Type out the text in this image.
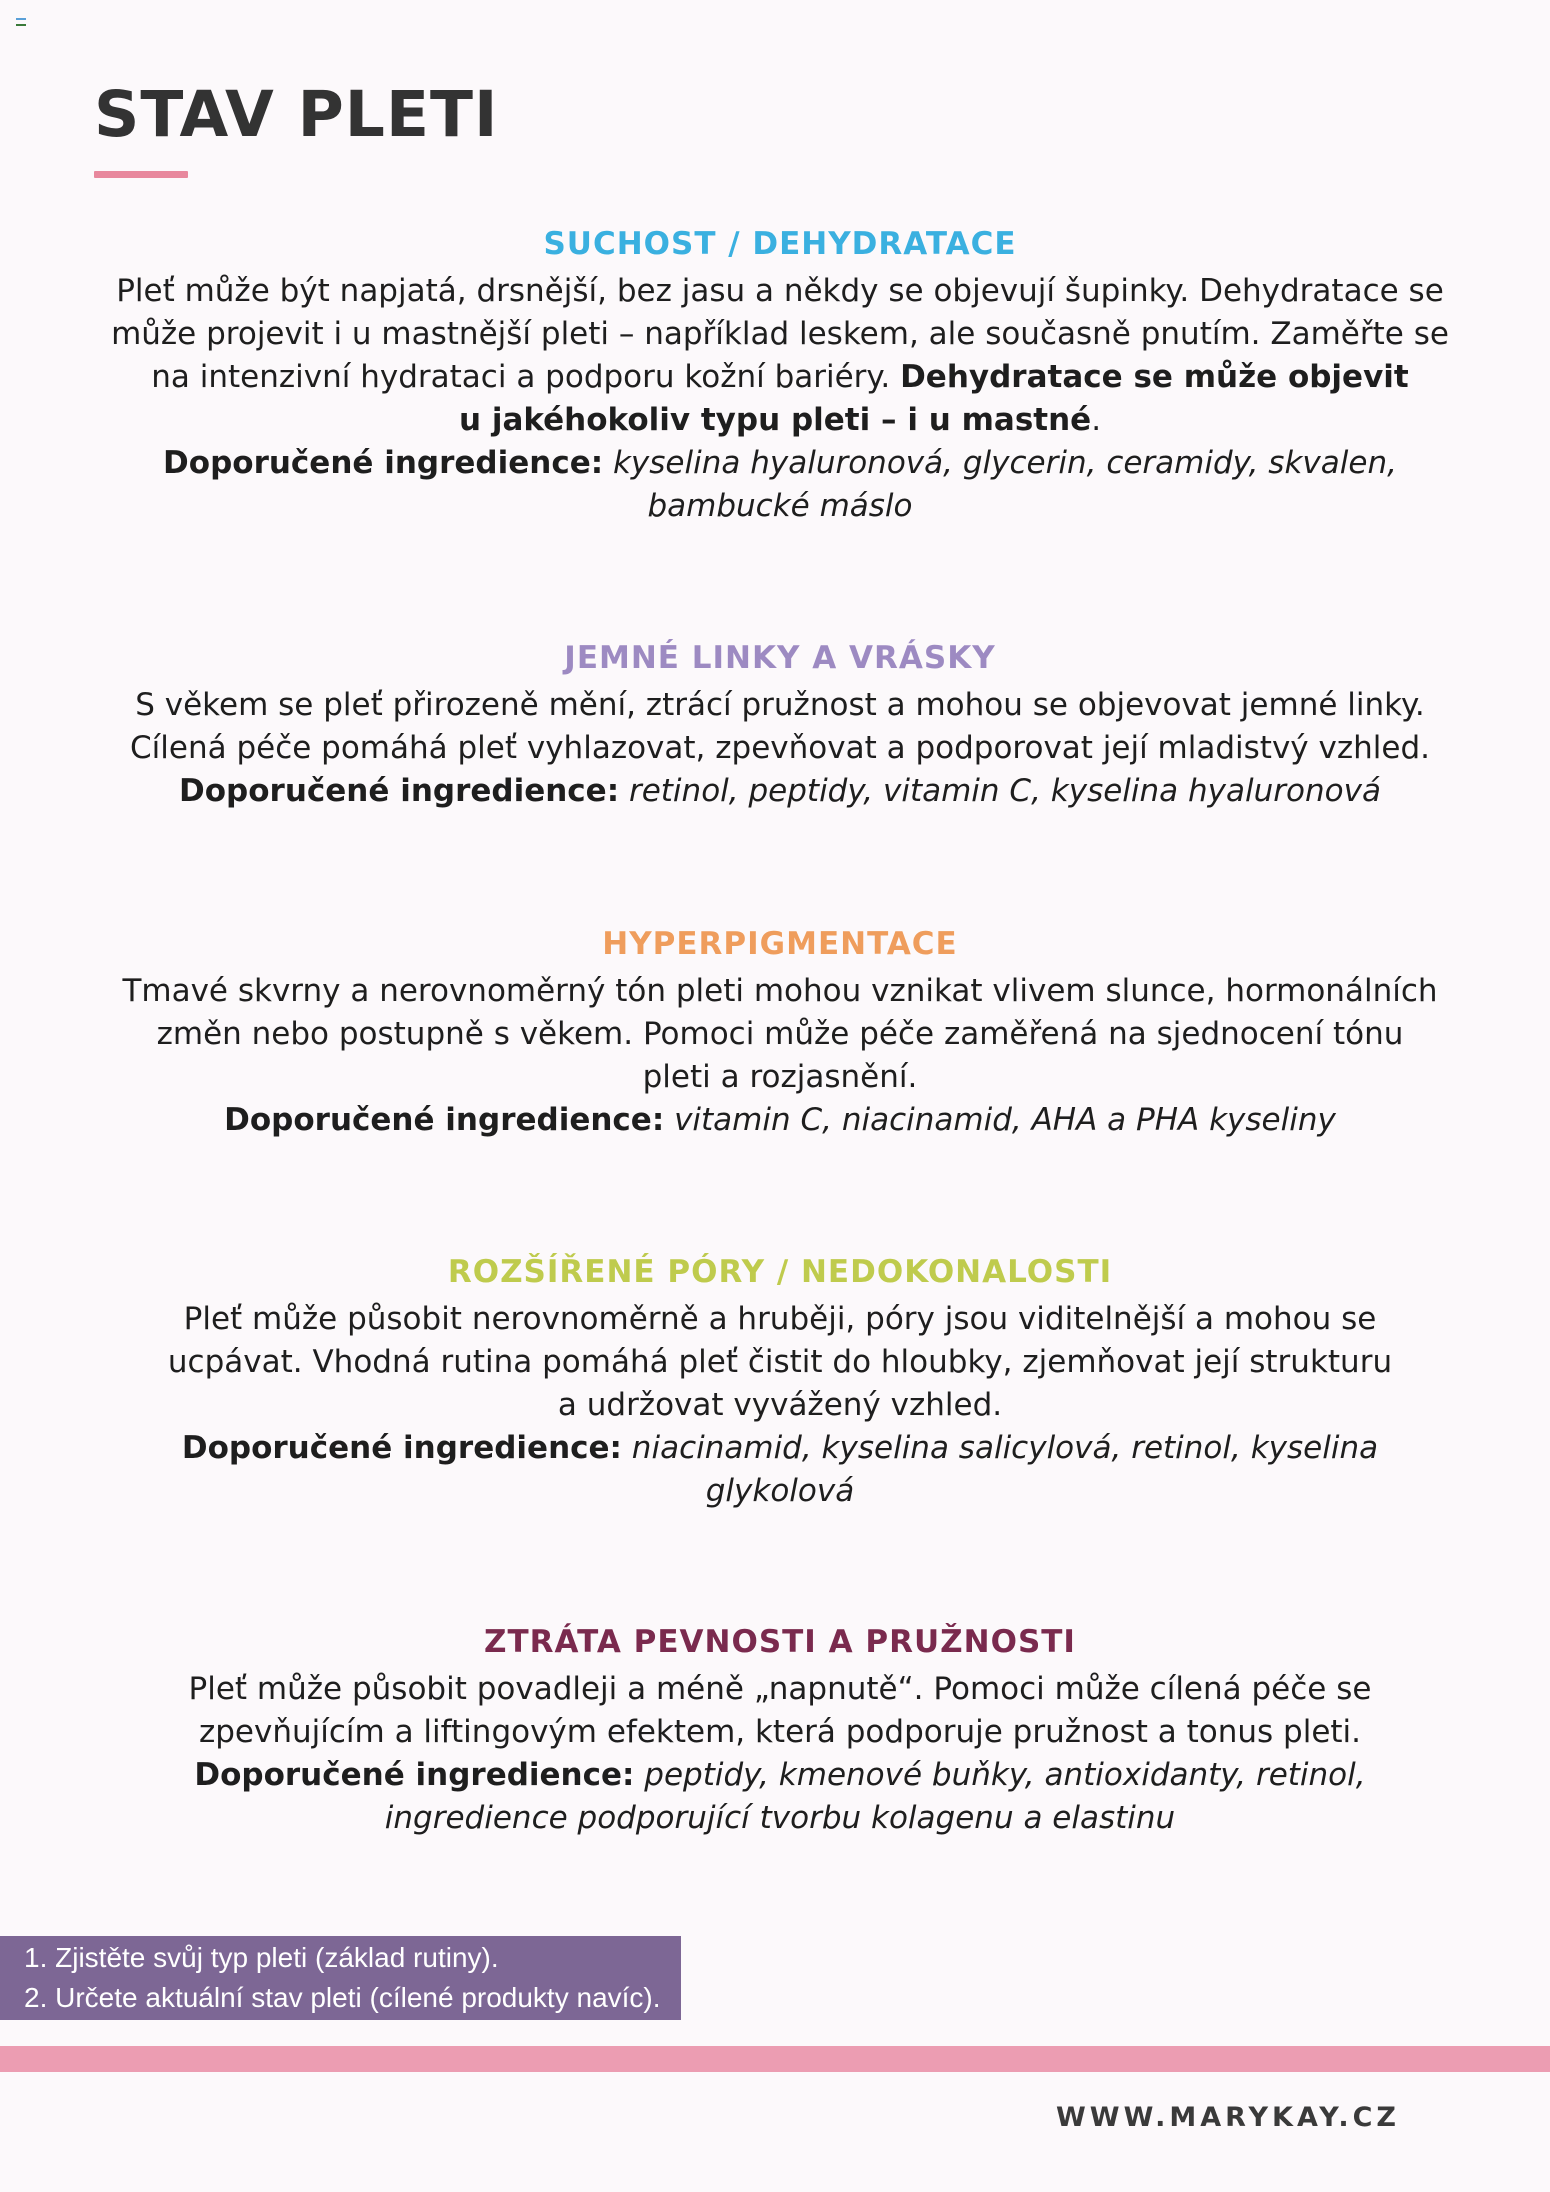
STAV PLETI
SUCHOST / DEHYDRATACE

Pleť může být napjatá, drsnější, bez jasu a někdy se objevují šupinky. Dehydratace se
může projevit i u mastnější pleti – například leskem, ale současně pnutím. Zaměřte se
na intenzivní hydrataci a podporu kožní bariéry. Dehydratace se může objevit
u jakéhokoliv typu pleti – i u mastné.
Doporučené ingredience: kyselina hyaluronová, glycerin, ceramidy, skvalen,
bambucké máslo

JEMNÉ LINKY A VRÁSKY

S věkem se pleť přirozeně mění, ztrácí pružnost a mohou se objevovat jemné linky.
Cílená péče pomáhá pleť vyhlazovat, zpevňovat a podporovat její mladistvý vzhled.
Doporučené ingredience: retinol, peptidy, vitamin C, kyselina hyaluronová

HYPERPIGMENTACE

Tmavé skvrny a nerovnoměrný tón pleti mohou vznikat vlivem slunce, hormonálních
změn nebo postupně s věkem. Pomoci může péče zaměřená na sjednocení tónu
pleti a rozjasnění.
Doporučené ingredience: vitamin C, niacinamid, AHA a PHA kyseliny

ROZŠÍŘENÉ PÓRY / NEDOKONALOSTI

Pleť může působit nerovnoměrně a hruběji, póry jsou viditelnější a mohou se
ucpávat. Vhodná rutina pomáhá pleť čistit do hloubky, zjemňovat její strukturu
a udržovat vyvážený vzhled.
Doporučené ingredience: niacinamid, kyselina salicylová, retinol, kyselina
glykolová

ZTRÁTA PEVNOSTI A PRUŽNOSTI

Pleť může působit povadleji a méně „napnutě“. Pomoci může cílená péče se
zpevňujícím a liftingovým efektem, která podporuje pružnost a tonus pleti.
Doporučené ingredience: peptidy, kmenové buňky, antioxidanty, retinol,
ingredience podporující tvorbu kolagenu a elastinu

1. Zjistěte svůj typ pleti (základ rutiny).
2. Určete aktuální stav pleti (cílené produkty navíc).
WWW.MARYKAY.CZ
